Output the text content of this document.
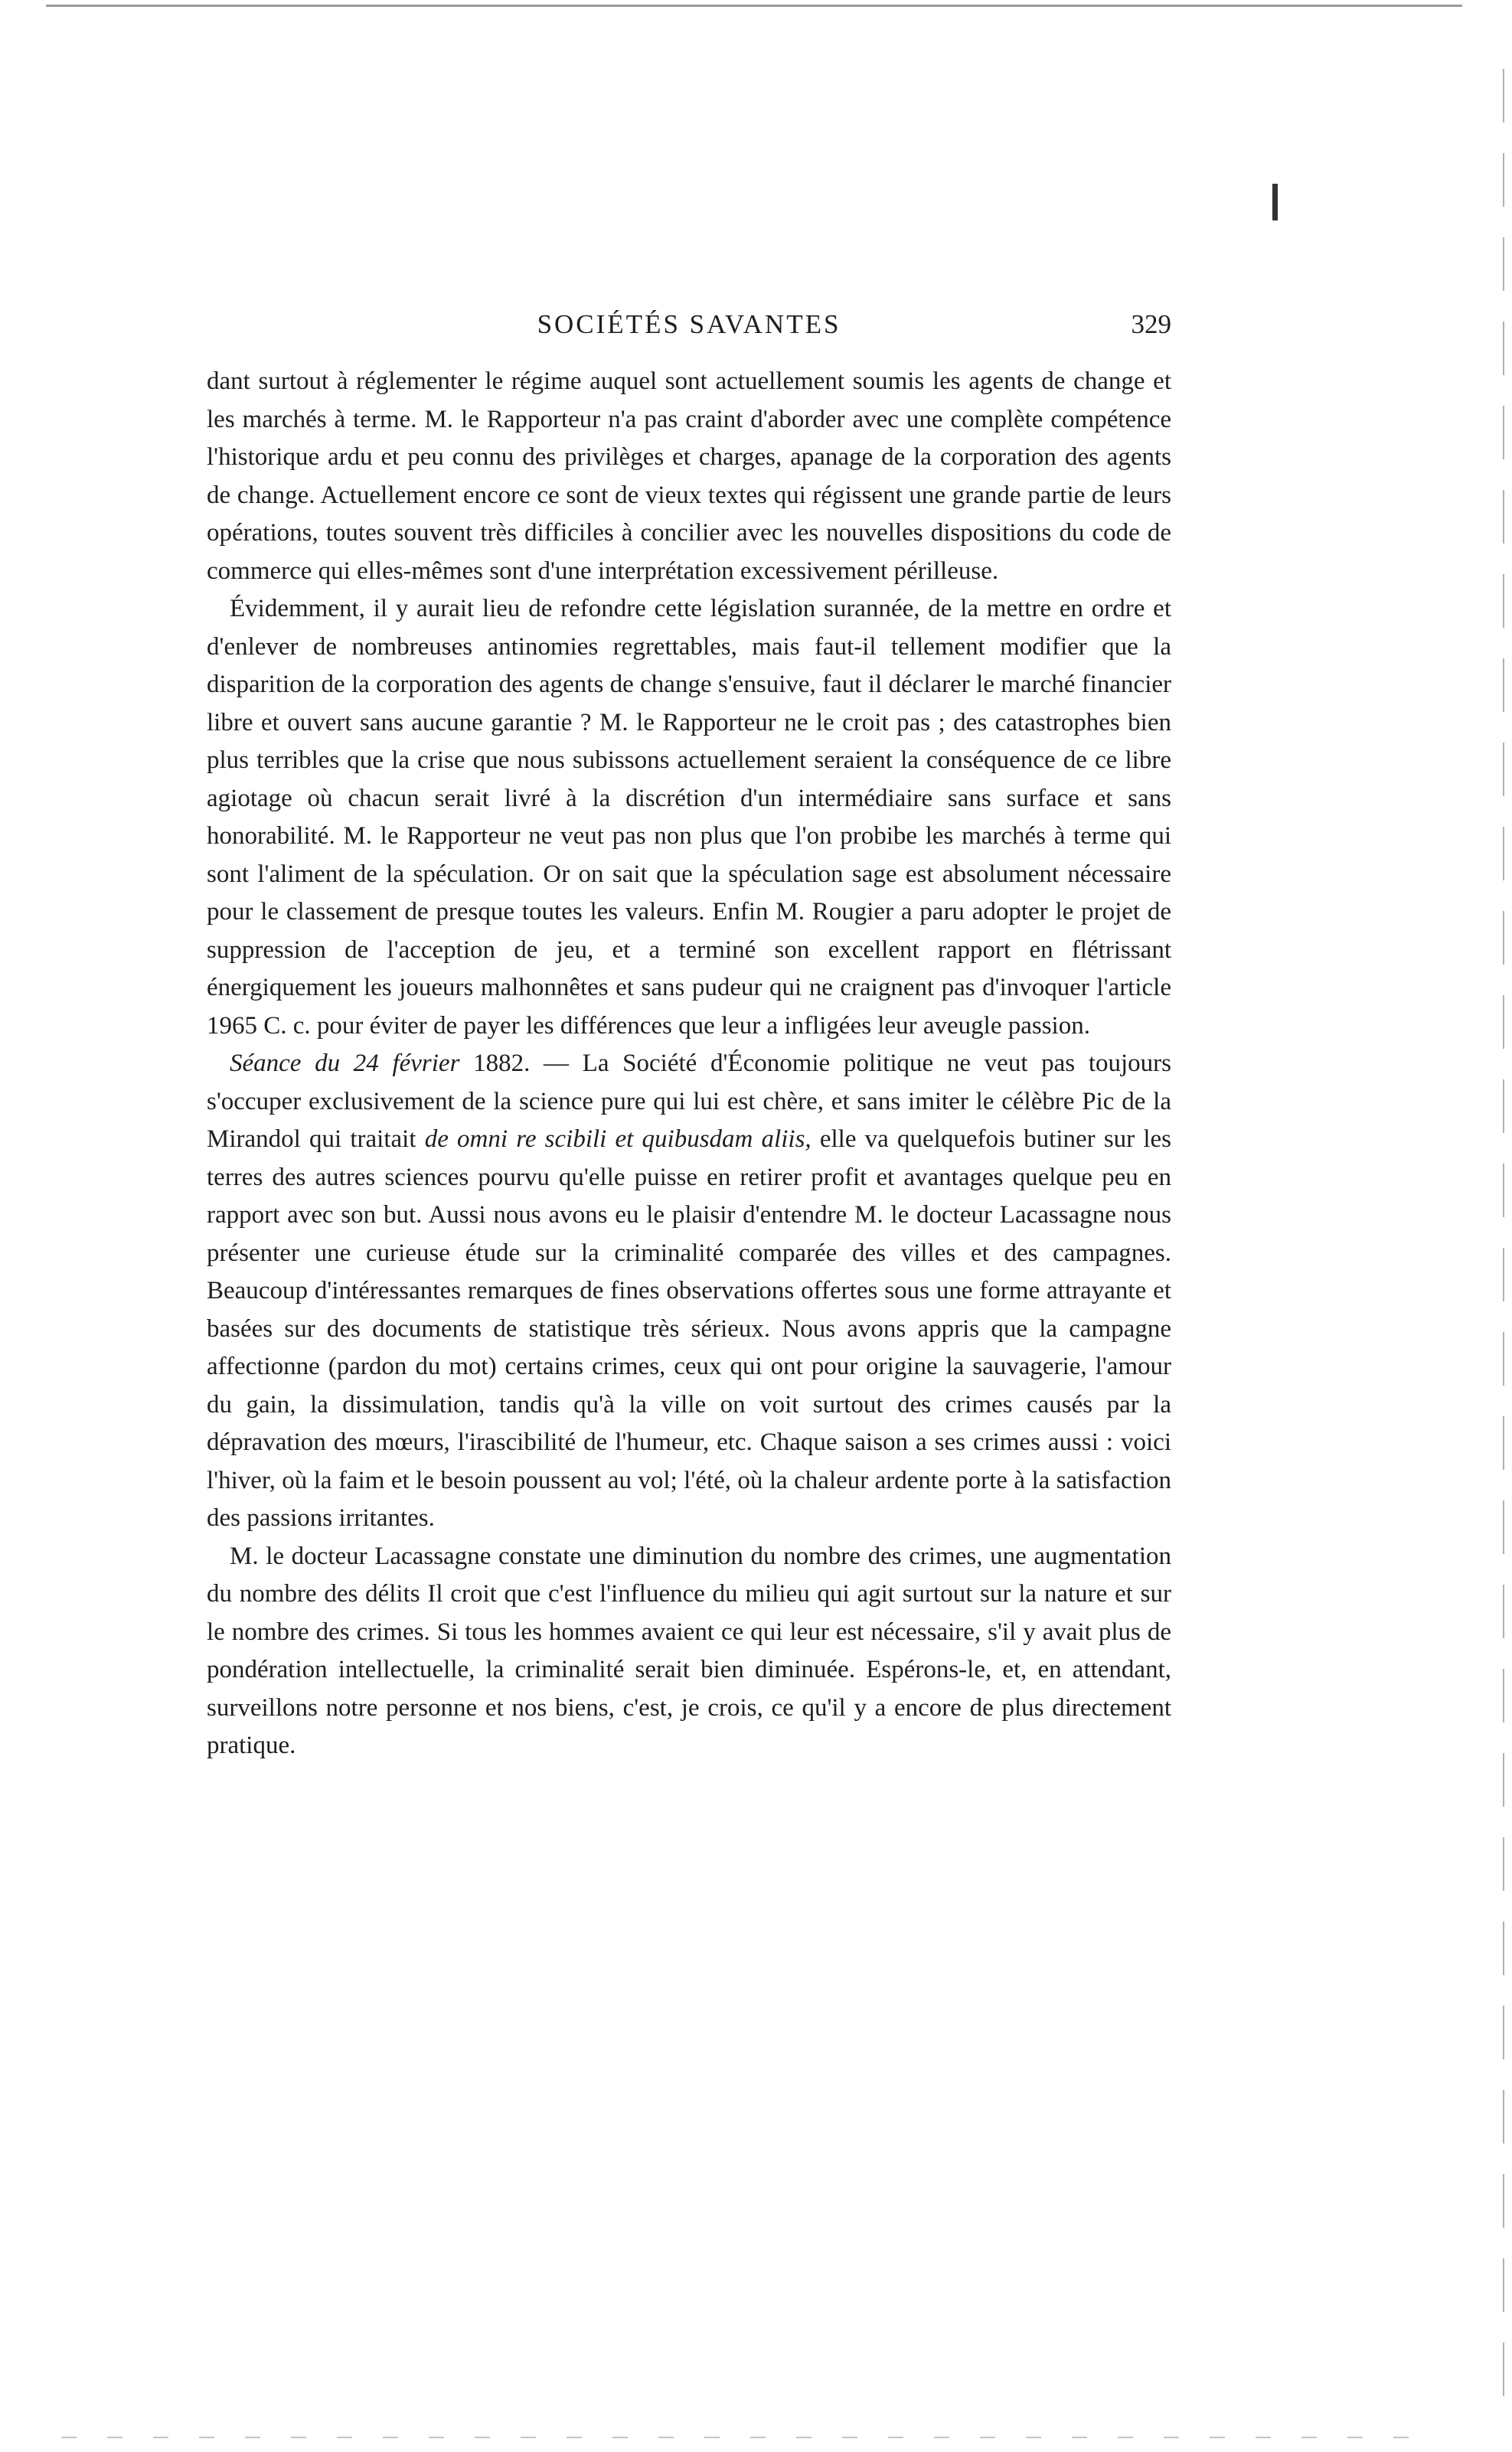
SOCIÉTÉS SAVANTES	329

dant surtout à réglementer le régime auquel sont actuellement soumis les agents de change et les marchés à terme. M. le Rapporteur n'a pas craint d'aborder avec une complète compétence l'historique ardu et peu connu des privilèges et charges, apanage de la corporation des agents de change. Actuellement encore ce sont de vieux textes qui régissent une grande partie de leurs opérations, toutes souvent très difficiles à concilier avec les nouvelles dispositions du code de commerce qui elles-mêmes sont d'une interprétation excessivement périlleuse.

Évidemment, il y aurait lieu de refondre cette législation surannée, de la mettre en ordre et d'enlever de nombreuses antinomies regrettables, mais faut-il tellement modifier que la disparition de la corporation des agents de change s'ensuive, faut il déclarer le marché financier libre et ouvert sans aucune garantie ? M. le Rapporteur ne le croit pas ; des catastrophes bien plus terribles que la crise que nous subissons actuellement seraient la conséquence de ce libre agiotage où chacun serait livré à la discrétion d'un intermédiaire sans surface et sans honorabilité. M. le Rapporteur ne veut pas non plus que l'on probibe les marchés à terme qui sont l'aliment de la spéculation. Or on sait que la spéculation sage est absolument nécessaire pour le classement de presque toutes les valeurs. Enfin M. Rougier a paru adopter le projet de suppression de l'acception de jeu, et a terminé son excellent rapport en flétrissant énergiquement les joueurs malhonnêtes et sans pudeur qui ne craignent pas d'invoquer l'article 1965 C. c. pour éviter de payer les différences que leur a infligées leur aveugle passion.

Séance du 24 février 1882. — La Société d'Économie politique ne veut pas toujours s'occuper exclusivement de la science pure qui lui est chère, et sans imiter le célèbre Pic de la Mirandol qui traitait de omni re scibili et quibusdam aliis, elle va quelquefois butiner sur les terres des autres sciences pourvu qu'elle puisse en retirer profit et avantages quelque peu en rapport avec son but. Aussi nous avons eu le plaisir d'entendre M. le docteur Lacassagne nous présenter une curieuse étude sur la criminalité comparée des villes et des campagnes. Beaucoup d'intéressantes remarques de fines observations offertes sous une forme attrayante et basées sur des documents de statistique très sérieux. Nous avons appris que la campagne affectionne (pardon du mot) certains crimes, ceux qui ont pour origine la sauvagerie, l'amour du gain, la dissimulation, tandis qu'à la ville on voit surtout des crimes causés par la dépravation des mœurs, l'irascibilité de l'humeur, etc. Chaque saison a ses crimes aussi : voici l'hiver, où la faim et le besoin poussent au vol; l'été, où la chaleur ardente porte à la satisfaction des passions irritantes.

M. le docteur Lacassagne constate une diminution du nombre des crimes, une augmentation du nombre des délits Il croit que c'est l'influence du milieu qui agit surtout sur la nature et sur le nombre des crimes. Si tous les hommes avaient ce qui leur est nécessaire, s'il y avait plus de pondération intellectuelle, la criminalité serait bien diminuée. Espérons-le, et, en attendant, surveillons notre personne et nos biens, c'est, je crois, ce qu'il y a encore de plus directement pratique.
